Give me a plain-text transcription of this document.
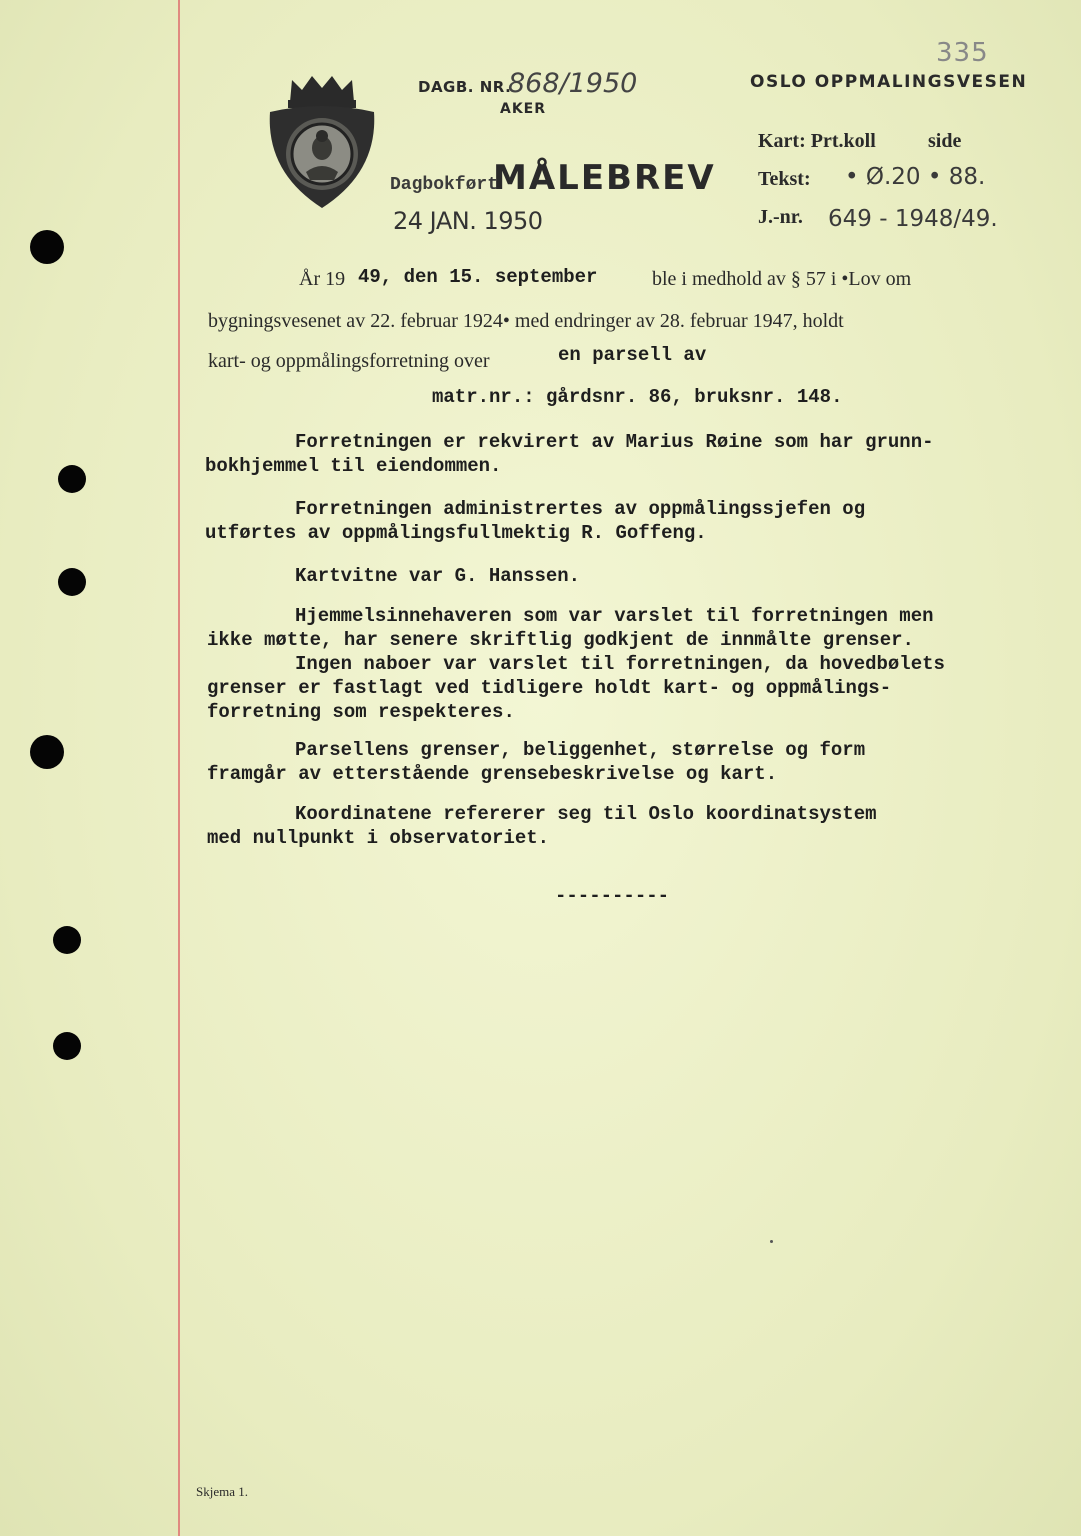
DAGB. NR.
868/1950
AKER
OSLO OPPMALINGSVESEN
335
Dagbokført
MÅLEBREV
24 JAN. 1950
Kart: Prt.koll	side
Tekst: • Ø.20 • 88.
J.-nr. 649 - 1948/49.
År 19 49, den 15. september	ble i medhold av § 57 i •Lov om
bygningsvesenet av 22. februar 1924• med endringer av 28. februar 1947, holdt
kart- og oppmålingsforretning over	en parsell av
matr.nr.: gårdsnr. 86, bruksnr. 148.
Forretningen er rekvirert av Marius Røine som har grunn-
bokhjemmel til eiendommen.
Forretningen administrertes av oppmålingssjefen og
utførtes av oppmålingsfullmektig R. Goffeng.
Kartvitne var G. Hanssen.
Hjemmelsinnehaveren som var varslet til forretningen men
ikke møtte, har senere skriftlig godkjent de innmålte grenser.
Ingen naboer var varslet til forretningen, da hovedbølets
grenser er fastlagt ved tidligere holdt kart- og oppmålings-
forretning som respekteres.
Parsellens grenser, beliggenhet, størrelse og form
framgår av etterstående grensebeskrivelse og kart.
Koordinatene refererer seg til Oslo koordinatsystem
med nullpunkt i observatoriet.
----------
Skjema 1.
